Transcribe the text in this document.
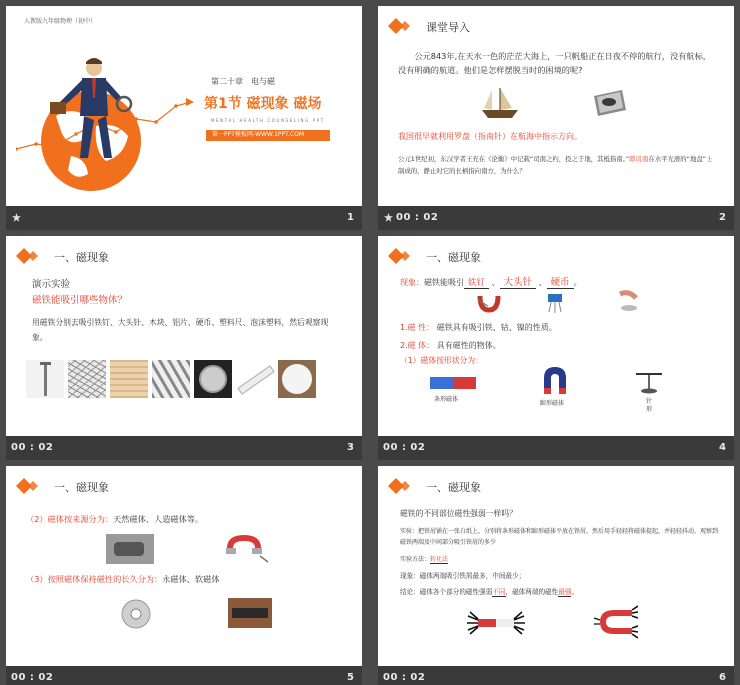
人教版九年级物理（初中）
第二十章　电与磁
第1节 磁现象 磁场
MENTAL HEALTH COUNSELING PPT
第一PPT模板网-WWW.1PPT.COM
1
课堂导入
公元843年,在天水一色的茫茫大海上，一只帆船正在日夜不停的航行，没有航标，没有明确的航道。他们是怎样摆脱当时的困境的呢?
我国很早就利用罗盘（指南针）在航海中指示方向。
公元1世纪初，东汉学者王充在《论衡》中记载“司南之杓，投之于地，其柢指南。”即司南在水平光滑的“地盘”上制成的，静止时它的长柄指向南方，为什么？
00 : 02	2
一、磁现象
演示实验
磁铁能吸引哪些物体？
用磁铁分别去吸引铁钉、大头针、木块、铝片、硬币、塑料尺、泡沫塑料，然后观察现象。
00 : 02	3
一、磁现象
现象：磁铁能吸引 铁钉 、 大头针 、 硬币 。
1.磁 性： 磁铁具有吸引铁、钴、镍的性质。
2.磁 体： 具有磁性的物体。
（1）磁体按形状分为：
条形磁体
蹄形磁体	针形
00 : 02	4
一、磁现象
（2）磁体按来源分为：天然磁体、人造磁体等。
（3）按照磁体保持磁性的长久分为：永磁体、软磁体
00 : 02	5
一、磁现象
磁铁的不同部位磁性强弱一样吗？
实验：把铁屑铺在一张白纸上，分别将条形磁体和蹄形磁体平放在铁屑，然后用手轻轻将磁体提起，并轻轻抖动，观察到磁铁两端及中间部分吸引铁屑的多少
实验方法：转化法
现象：磁体两端吸引铁屑最多，中间最少；
结论：磁体各个部分的磁性强弱不同，磁体两端的磁性最强。
00 : 02	6
